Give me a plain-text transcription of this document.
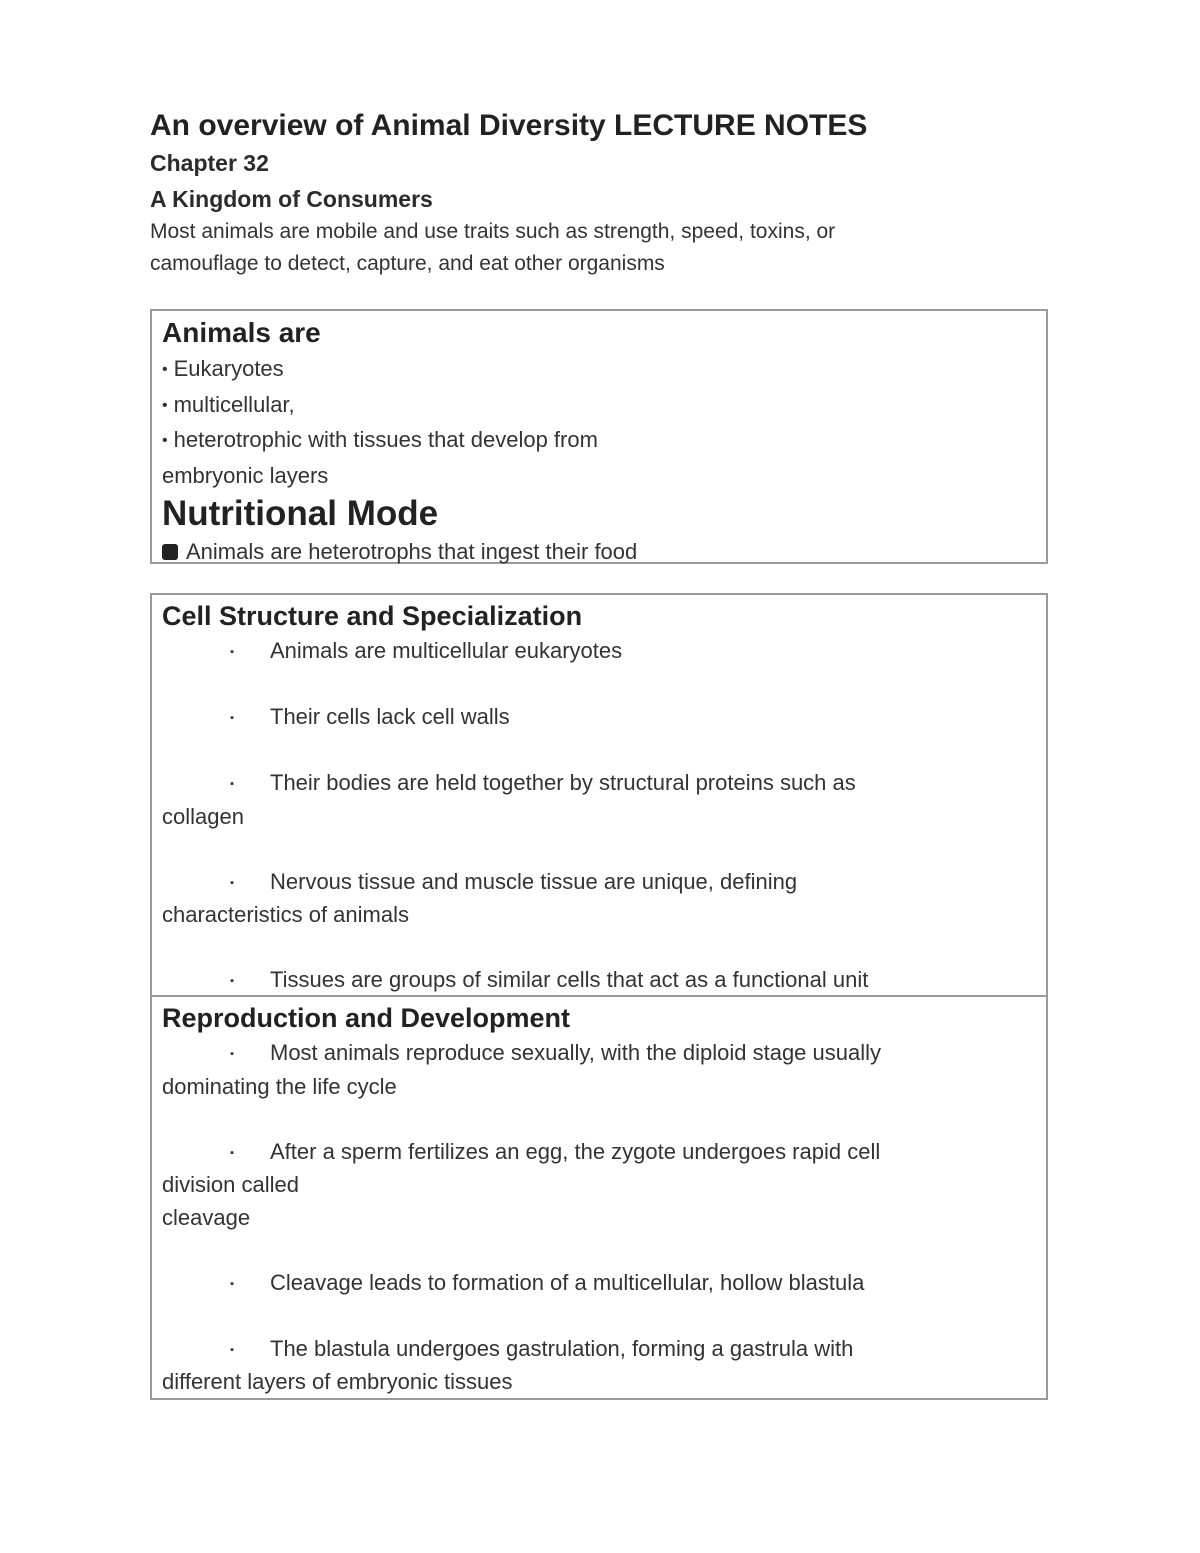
An overview of Animal Diversity LECTURE NOTES
Chapter 32
A Kingdom of Consumers

Most animals are mobile and use traits such as strength, speed, toxins, or

camouflage to detect, capture, and eat other organisms

Animals are
• Eukaryotes
• multicellular,
• heterotrophic with tissues that develop from
embryonic layers
Nutritional Mode
Animals are heterotrophs that ingest their food
Cell Structure and Specialization
▪ Animals are multicellular eukaryotes
▪ Their cells lack cell walls
▪ Their bodies are held together by structural proteins such as
collagen
▪ Nervous tissue and muscle tissue are unique, defining
characteristics of animals
▪ Tissues are groups of similar cells that act as a functional unit
Reproduction and Development
▪ Most animals reproduce sexually, with the diploid stage usually
dominating the life cycle
▪ After a sperm fertilizes an egg, the zygote undergoes rapid cell
division called
cleavage
▪ Cleavage leads to formation of a multicellular, hollow blastula
▪ The blastula undergoes gastrulation, forming a gastrula with
different layers of embryonic tissues
